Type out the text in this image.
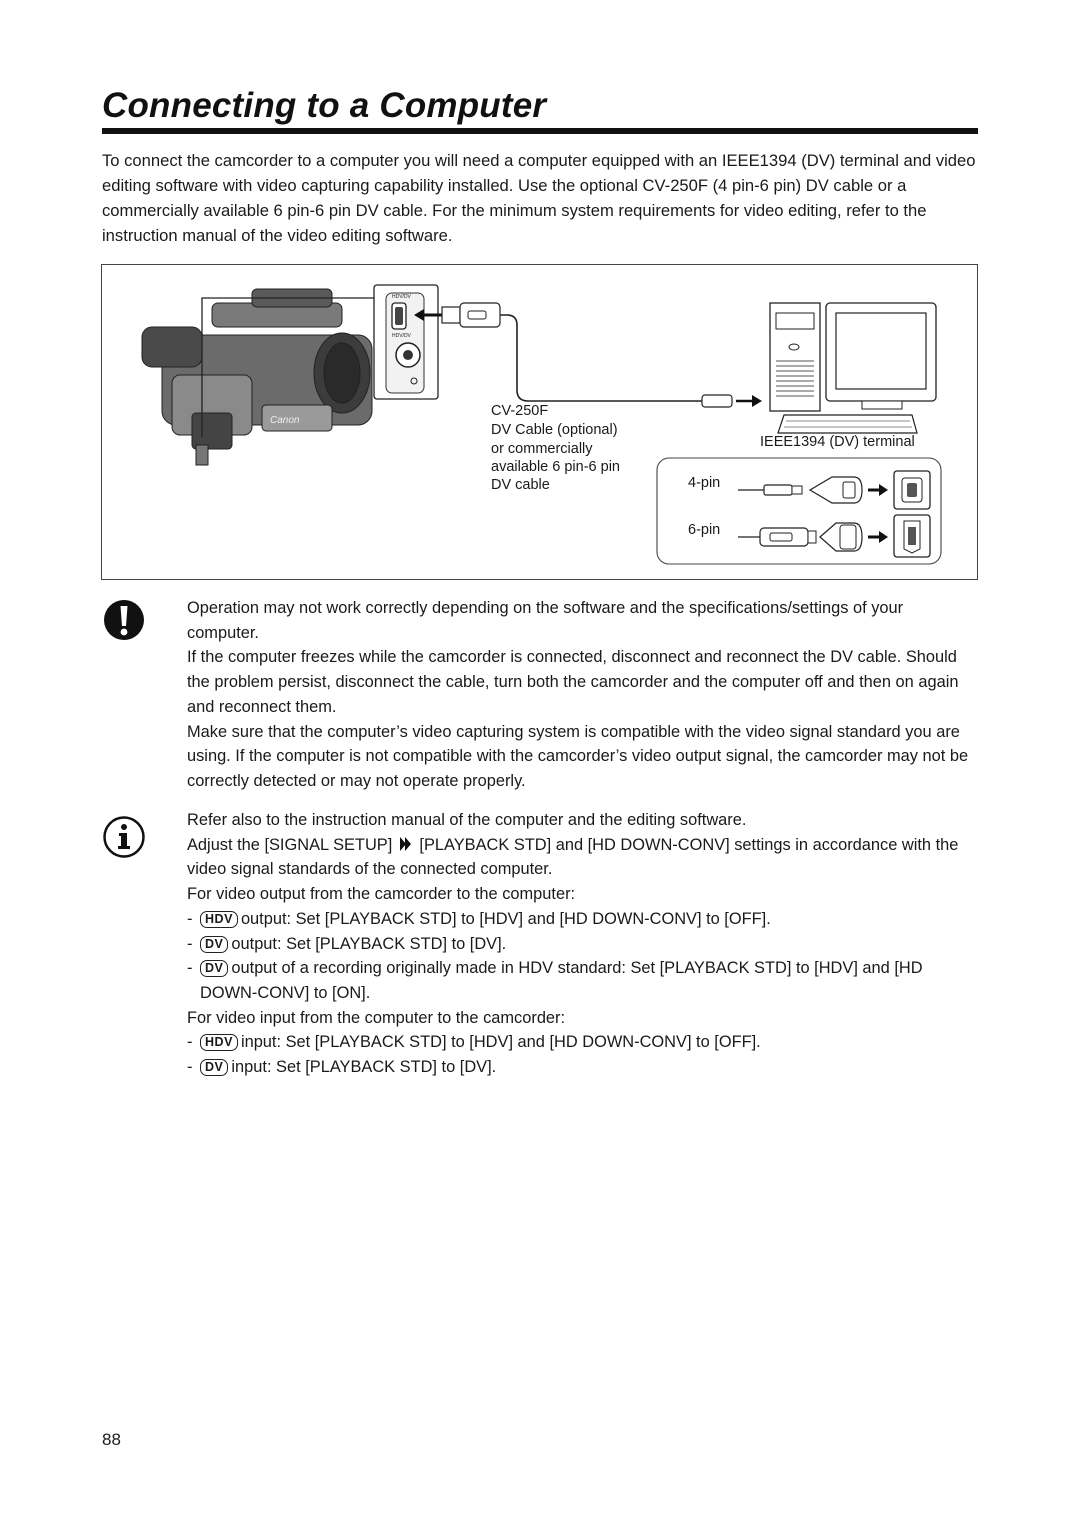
Connecting to a Computer

To connect the camcorder to a computer you will need a computer equipped with an IEEE1394 (DV) terminal and video editing software with video capturing capability installed. Use the optional CV-250F (4 pin-6 pin) DV cable or a commercially available 6 pin-6 pin DV cable. For the minimum system requirements for video editing, refer to the instruction manual of the video editing software.

Canon
HDV/DV
HDV/DV
CV-250F
DV Cable (optional)
or commercially
available 6 pin-6 pin
DV cable
IEEE1394 (DV) terminal
4-pin
6-pin

Operation may not work correctly depending on the software and the specifications/settings of your computer.

If the computer freezes while the camcorder is connected, disconnect and reconnect the DV cable. Should the problem persist, disconnect the cable, turn both the camcorder and the computer off and then on again and reconnect them.

Make sure that the computer’s video capturing system is compatible with the video signal standard you are using. If the computer is not compatible with the camcorder’s video output signal, the camcorder may not be correctly detected or may not operate properly.

Refer also to the instruction manual of the computer and the editing software.

Adjust the [SIGNAL SETUP] [PLAYBACK STD] and [HD DOWN-CONV] settings in accordance with the video signal standards of the connected computer.

For video output from the camcorder to the computer:

- HDV output: Set [PLAYBACK STD] to [HDV] and [HD DOWN-CONV] to [OFF].

- DV output: Set [PLAYBACK STD] to [DV].

- DV output of a recording originally made in HDV standard: Set [PLAYBACK STD] to [HDV] and [HD DOWN-CONV] to [ON].

For video input from the computer to the camcorder:

- HDV input: Set [PLAYBACK STD] to [HDV] and [HD DOWN-CONV] to [OFF].

- DV input: Set [PLAYBACK STD] to [DV].

88
